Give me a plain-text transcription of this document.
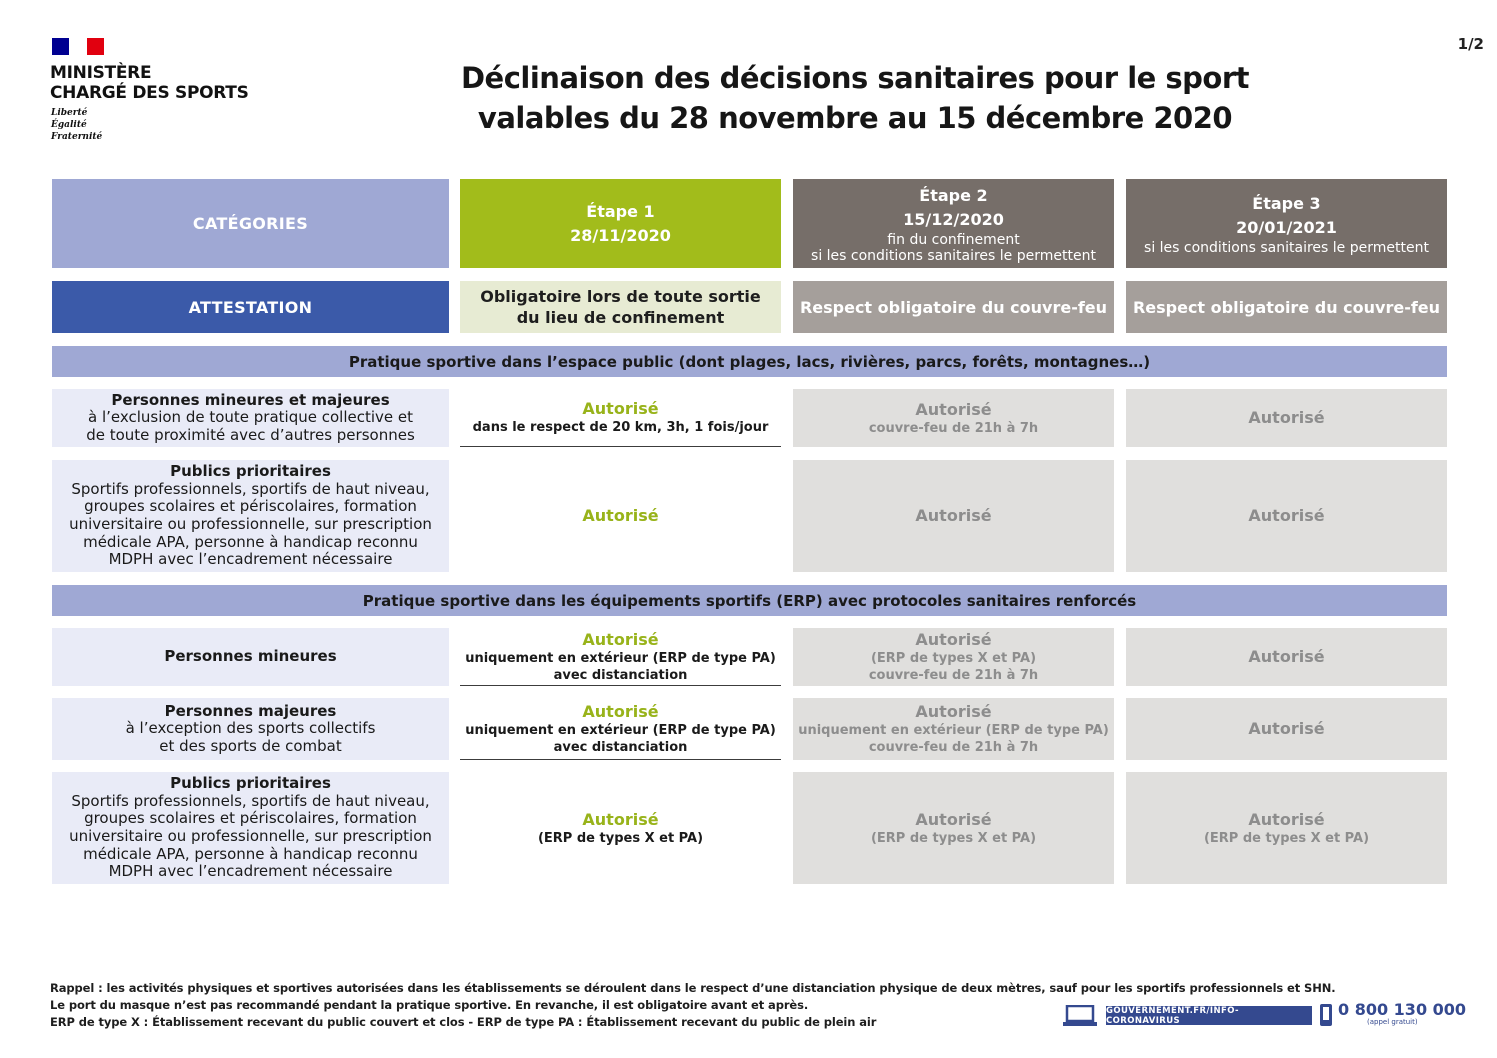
MINISTÈRE
CHARGÉ DES SPORTS
Liberté
Égalité
Fraternité
1/2
Déclinaison des décisions sanitaires pour le sport
valables du 28 novembre au 15 décembre 2020
CATÉGORIES
Étape 1
28/11/2020
Étape 2
15/12/2020
fin du confinement
si les conditions sanitaires le permettent
Étape 3
20/01/2021
si les conditions sanitaires le permettent
ATTESTATION
Obligatoire lors de toute sortie
du lieu de confinement
Respect obligatoire du couvre-feu Respect obligatoire du couvre-feu
Pratique sportive dans l’espace public (dont plages, lacs, rivières, parcs, forêts, montagnes…)
Pratique sportive dans les équipements sportifs (ERP) avec protocoles sanitaires renforcés
Rappel : les activités physiques et sportives autorisées dans les établissements se déroulent dans le respect d’une distanciation physique de deux mètres, sauf pour les sportifs professionnels et SHN.
Le port du masque n’est pas recommandé pendant la pratique sportive. En revanche, il est obligatoire avant et après.
ERP de type X : Établissement recevant du public couvert et clos - ERP de type PA : Établissement recevant du public de plein air
GOUVERNEMENT.FR/INFO-CORONAVIRUS
0 800 130 000
(appel gratuit)
Personnes mineures et majeures
à l’exclusion de toute pratique collective et
de toute proximité avec d’autres personnes
Autorisé
dans le respect de 20 km, 3h, 1 fois/jour
Autorisé
couvre-feu de 21h à 7h
Autorisé
Publics prioritaires
Sportifs professionnels, sportifs de haut niveau,
groupes scolaires et périscolaires, formation
universitaire ou professionnelle, sur prescription
médicale APA, personne à handicap reconnu
MDPH avec l’encadrement nécessaire
Autorisé	Autorisé	Autorisé
Personnes mineures
Autorisé
uniquement en extérieur (ERP de type PA)
avec distanciation
Autorisé
(ERP de types X et PA)
couvre-feu de 21h à 7h
Autorisé
Personnes majeures
à l’exception des sports collectifs
et des sports de combat
Autorisé
uniquement en extérieur (ERP de type PA)
avec distanciation
Autorisé
uniquement en extérieur (ERP de type PA)
couvre-feu de 21h à 7h
Autorisé
Publics prioritaires
Sportifs professionnels, sportifs de haut niveau,
groupes scolaires et périscolaires, formation
universitaire ou professionnelle, sur prescription
médicale APA, personne à handicap reconnu
MDPH avec l’encadrement nécessaire
Autorisé
(ERP de types X et PA)
Autorisé
(ERP de types X et PA)
Autorisé
(ERP de types X et PA)
